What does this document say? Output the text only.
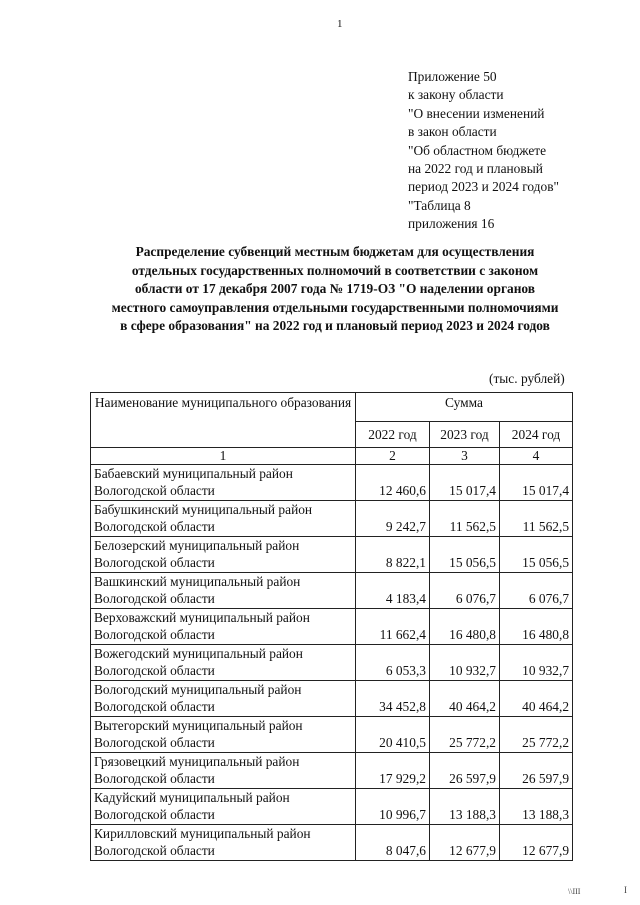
1
Приложение 50
к закону области
"О внесении изменений
в закон области
"Об областном бюджете
на 2022 год и плановый
период 2023 и 2024 годов"
"Таблица 8
приложения 16
Распределение субвенций местным бюджетам для осуществления
отдельных государственных полномочий в соответствии с законом
области от 17 декабря 2007 года № 1719-ОЗ "О наделении органов
местного самоуправления отдельными государственными полномочиями
в сфере образования" на 2022 год и плановый период 2023 и 2024 годов
(тыс. рублей)
Наименование муниципального образования	Сумма		
	2022 год	2023 год	2024 год
1	2	3	4

Бабаевский муниципальный район
Вологодской области	12 460,6	15 017,4	15 017,4

Бабушкинский муниципальный район
Вологодской области	9 242,7	11 562,5	11 562,5

Белозерский муниципальный район
Вологодской области	8 822,1	15 056,5	15 056,5

Вашкинский муниципальный район
Вологодской области	4 183,4	6 076,7	6 076,7

Верховажский муниципальный район
Вологодской области	11 662,4	16 480,8	16 480,8

Вожегодский муниципальный район
Вологодской области	6 053,3	10 932,7	10 932,7

Вологодский муниципальный район
Вологодской области	34 452,8	40 464,2	40 464,2

Вытегорский муниципальный район
Вологодской области	20 410,5	25 772,2	25 772,2

Грязовецкий муниципальный район
Вологодской области	17 929,2	26 597,9	26 597,9

Кадуйский муниципальный район
Вологодской области	10 996,7	13 188,3	13 188,3

Кирилловский муниципальный район
Вологодской области	8 047,6	12 677,9	12 677,9
\\III	I
